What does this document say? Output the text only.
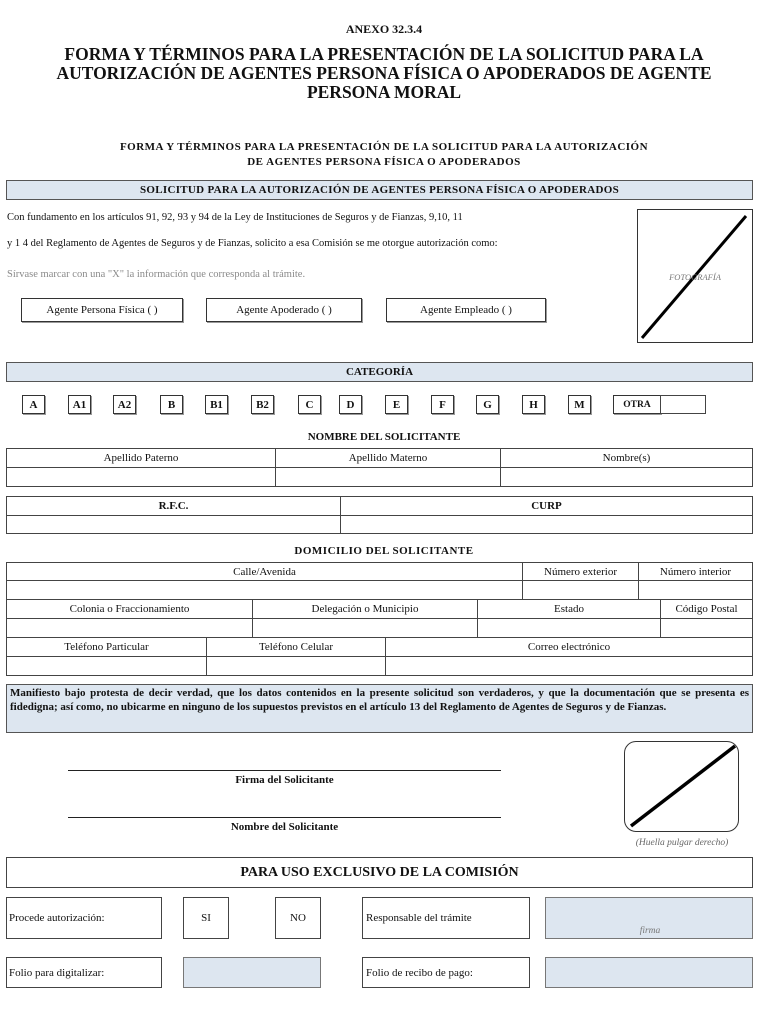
ANEXO 32.3.4
FORMA Y TÉRMINOS PARA LA PRESENTACIÓN DE LA SOLICITUD PARA LA
AUTORIZACIÓN DE AGENTES PERSONA FÍSICA O APODERADOS DE AGENTE
PERSONA MORAL
FORMA Y TÉRMINOS PARA LA PRESENTACIÓN DE LA SOLICITUD PARA LA AUTORIZACIÓN
DE AGENTES PERSONA FÍSICA O APODERADOS
SOLICITUD PARA LA AUTORIZACIÓN DE AGENTES PERSONA FÍSICA O APODERADOS
Con fundamento en los artículos 91, 92, 93 y 94 de la Ley de Instituciones de Seguros y de Fianzas, 9,10, 11
y 1 4 del Reglamento de Agentes de Seguros y de Fianzas, solicito a esa Comisión se me otorgue autorización como:
Sírvase marcar con una "X" la información que corresponda al trámite.	FOTOGRAFÍA
Agente Persona Física ( )	Agente Apoderado ( )	Agente Empleado ( )
CATEGORÍA
A	A1	A2	B	B1	B2	C	D	E	F	G	H	M	OTRA
NOMBRE DEL SOLICITANTE
Apellido Paterno	Apellido Materno	Nombre(s)
R.F.C.	CURP
DOMICILIO DEL SOLICITANTE
Calle/Avenida	Número exterior	Número interior
Colonia o Fraccionamiento	Delegación o Municipio	Estado	Código Postal
Teléfono Particular	Teléfono Celular	Correo electrónico
Manifiesto bajo protesta de decir verdad, que los datos contenidos en la presente solicitud son verdaderos, y que la documentación que se presenta es fidedigna; así como, no ubicarme en ninguno de los supuestos previstos en el artículo 13 del Reglamento de Agentes de Seguros y de Fianzas.
Firma del Solicitante
Nombre del Solicitante
(Huella pulgar derecho)
PARA USO EXCLUSIVO DE LA COMISIÓN
Procede autorización:	SI	NO	Responsable del trámite
firma
Folio para digitalizar:	Folio de recibo de pago:
